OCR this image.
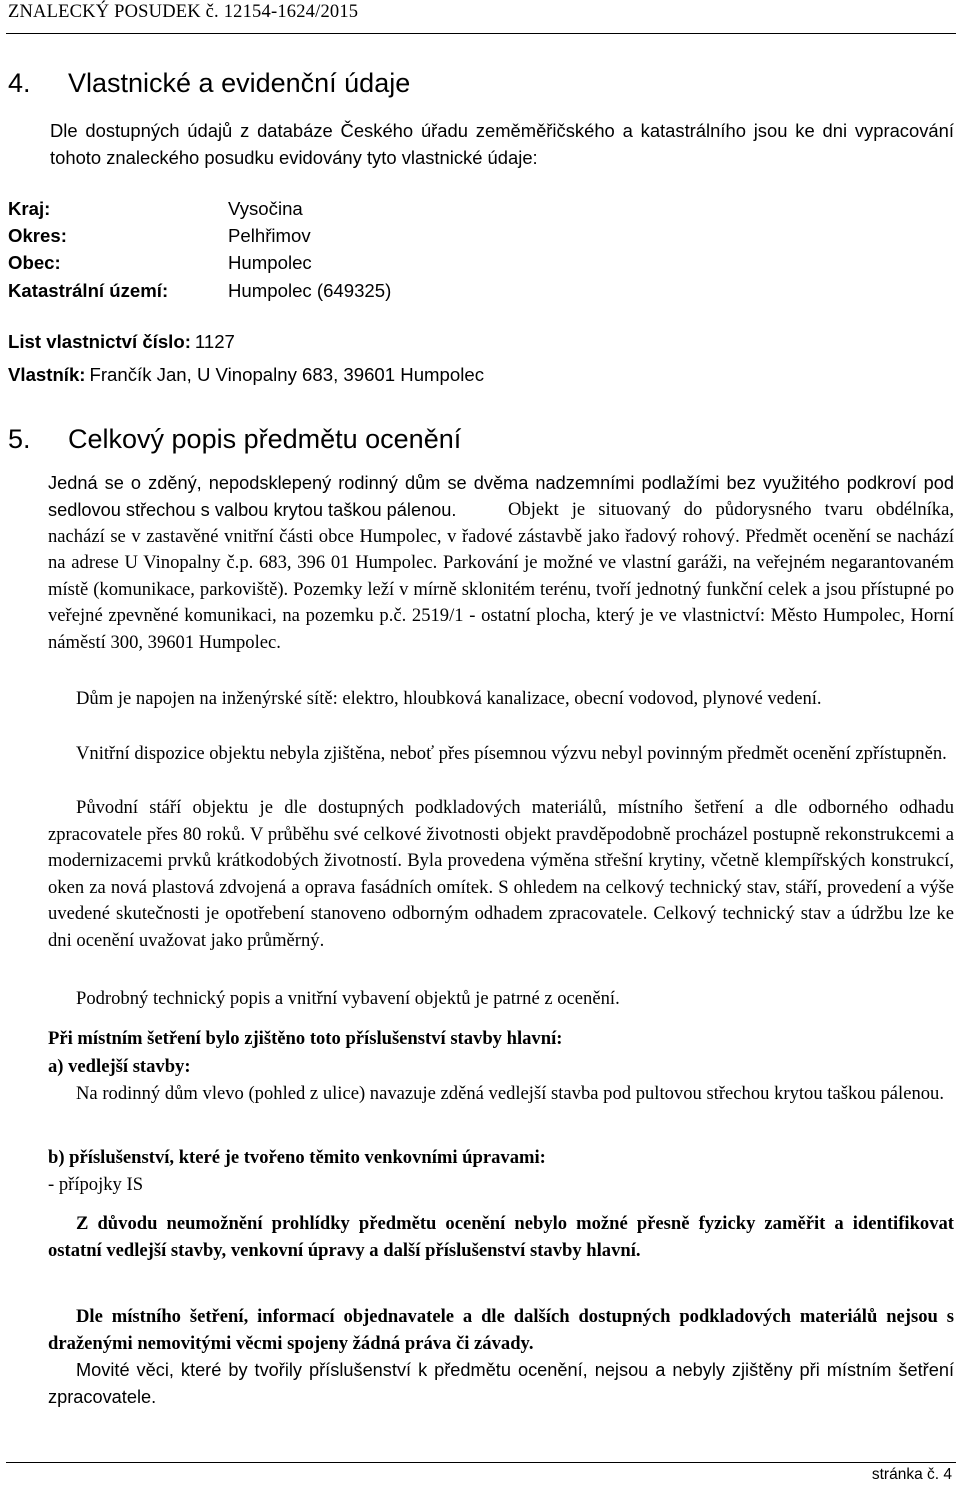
ZNALECKÝ POSUDEK č. 12154-1624/2015
4. Vlastnické a evidenční údaje

Dle dostupných údajů z databáze Českého úřadu zeměměřičského a katastrálního jsou ke dni vypracování tohoto znaleckého posudku evidovány tyto vlastnické údaje:

Kraj:	Vysočina
Okres:	Pelhřimov
Obec:	Humpolec
Katastrální území:	Humpolec (649325)
List vlastnictví číslo: 1127
Vlastník: Frančík Jan, U Vinopalny 683, 39601 Humpolec
5. Celkový popis předmětu ocenění

Jedná se o zděný, nepodsklepený rodinný dům se dvěma nadzemními podlažími bez využitého podkroví pod sedlovou střechou s valbou krytou taškou pálenou.	Objekt je situovaný do půdorysného tvaru obdélníka, nachází se v zastavěné vnitřní části obce Humpolec, v řadové zástavbě jako řadový rohový. Předmět ocenění se nachází na adrese U Vinopalny č.p. 683, 396 01 Humpolec. Parkování je možné ve vlastní garáži, na veřejném negarantovaném místě (komunikace, parkoviště). Pozemky leží v mírně sklonitém terénu, tvoří jednotný funkční celek a jsou přístupné po veřejné zpevněné komunikaci, na pozemku p.č. 2519/1 - ostatní plocha, který je ve vlastnictví: Město Humpolec, Horní náměstí 300, 39601 Humpolec.

Dům je napojen na inženýrské sítě: elektro, hloubková kanalizace, obecní vodovod, plynové vedení.

Vnitřní dispozice objektu nebyla zjištěna, neboť přes písemnou výzvu nebyl povinným předmět ocenění zpřístupněn.

Původní stáří objektu je dle dostupných podkladových materiálů, místního šetření a dle odborného odhadu zpracovatele přes 80 roků. V průběhu své celkové životnosti objekt pravděpodobně procházel postupně rekonstrukcemi a modernizacemi prvků krátkodobých životností. Byla provedena výměna střešní krytiny, včetně klempířských konstrukcí, oken za nová plastová zdvojená a oprava fasádních omítek. S ohledem na celkový technický stav, stáří, provedení a výše uvedené skutečnosti je opotřebení stanoveno odborným odhadem zpracovatele. Celkový technický stav a údržbu lze ke dni ocenění uvažovat jako průměrný.

Podrobný technický popis a vnitřní vybavení objektů je patrné z ocenění.

Při místním šetření bylo zjištěno toto příslušenství stavby hlavní:

a) vedlejší stavby:

Na rodinný dům vlevo (pohled z ulice) navazuje zděná vedlejší stavba pod pultovou střechou krytou taškou pálenou.

b) příslušenství, které je tvořeno těmito venkovními úpravami:

- přípojky IS

Z důvodu neumožnění prohlídky předmětu ocenění nebylo možné přesně fyzicky zaměřit a identifikovat ostatní vedlejší stavby, venkovní úpravy a další příslušenství stavby hlavní.

Dle místního šetření, informací objednavatele a dle dalších dostupných podkladových materiálů nejsou s draženými nemovitými věcmi spojeny žádná práva či závady.

Movité věci, které by tvořily příslušenství k předmětu ocenění, nejsou a nebyly zjištěny při místním šetření zpracovatele.

stránka č. 4
